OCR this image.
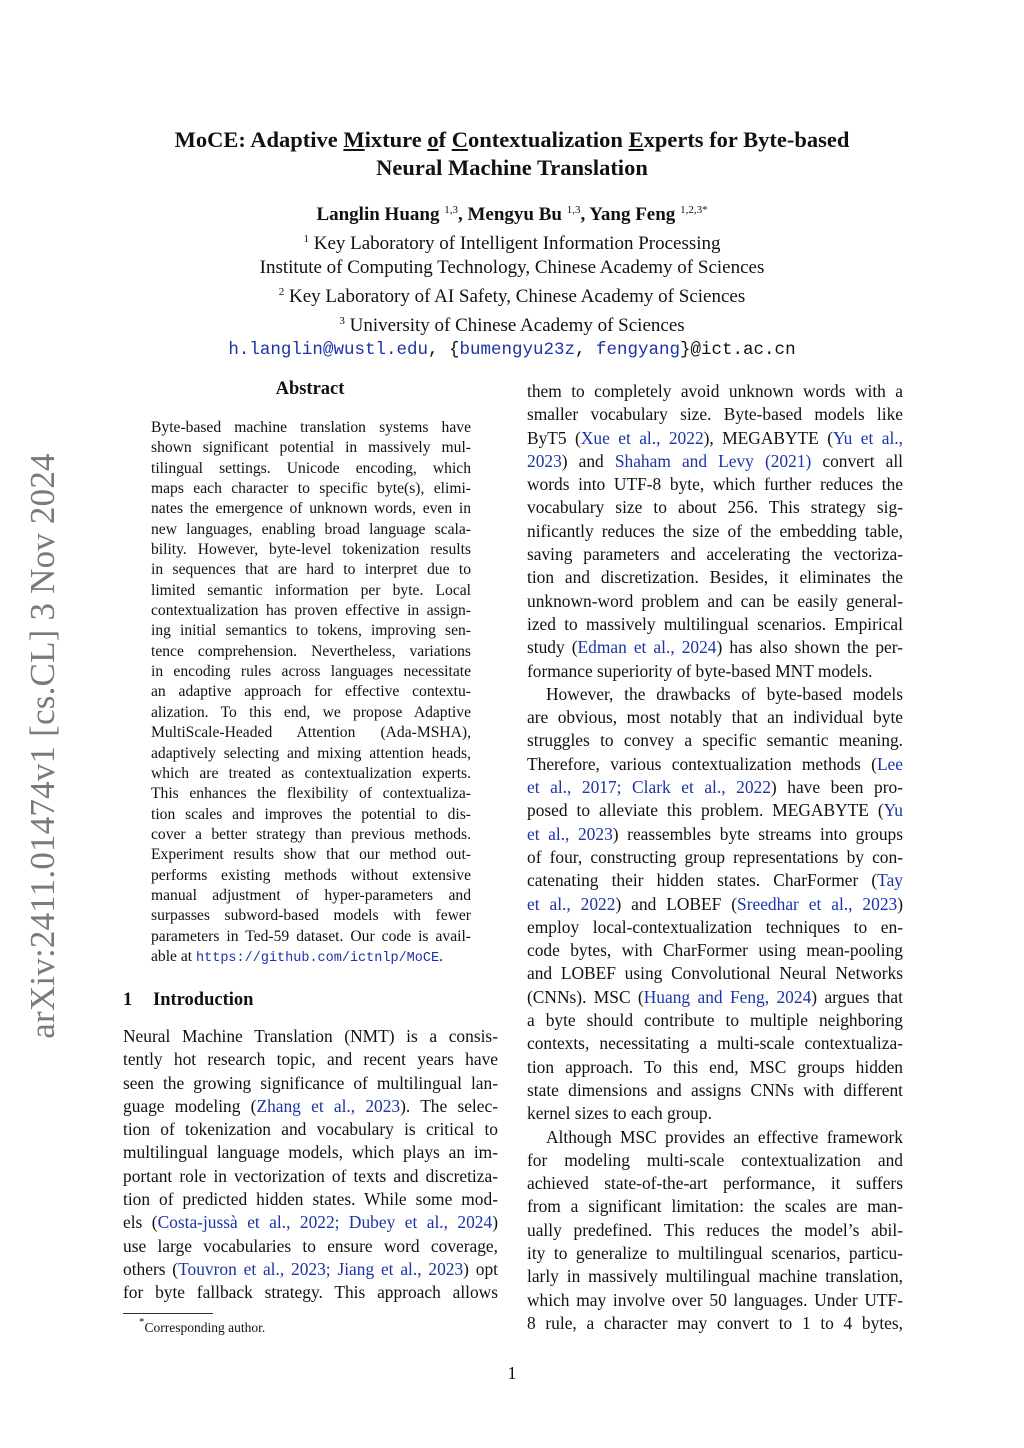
arXiv:2411.01474v1 [cs.CL] 3 Nov 2024
MoCE: Adaptive Mixture of Contextualization Experts for Byte-based
Neural Machine Translation
Langlin Huang $^{1,3}$, Mengyu Bu $^{1,3}$, Yang Feng $^{1,2,3*}$
$^1$ Key Laboratory of Intelligent Information Processing
Institute of Computing Technology, Chinese Academy of Sciences
$^2$ Key Laboratory of AI Safety, Chinese Academy of Sciences
$^3$ University of Chinese Academy of Sciences
h.langlin@wustl.edu, {bumengyu23z, fengyang}@ict.ac.cn
Abstract
Byte-based machine translation systems have
shown significant potential in massively mul-
tilingual settings. Unicode encoding, which
maps each character to specific byte(s), elimi-
nates the emergence of unknown words, even in
new languages, enabling broad language scala-
bility. However, byte-level tokenization results
in sequences that are hard to interpret due to
limited semantic information per byte. Local
contextualization has proven effective in assign-
ing initial semantics to tokens, improving sen-
tence comprehension. Nevertheless, variations
in encoding rules across languages necessitate
an adaptive approach for effective contextu-
alization. To this end, we propose Adaptive
MultiScale-Headed Attention (Ada-MSHA),
adaptively selecting and mixing attention heads,
which are treated as contextualization experts.
This enhances the flexibility of contextualiza-
tion scales and improves the potential to dis-
cover a better strategy than previous methods.
Experiment results show that our method out-
performs existing methods without extensive
manual adjustment of hyper-parameters and
surpasses subword-based models with fewer
parameters in Ted-59 dataset. Our code is avail-
able at https://github.com/ictnlp/MoCE.
1 Introduction
Neural Machine Translation (NMT) is a consis-
tently hot research topic, and recent years have
seen the growing significance of multilingual lan-
guage modeling (Zhang et al., 2023). The selec-
tion of tokenization and vocabulary is critical to
multilingual language models, which plays an im-
portant role in vectorization of texts and discretiza-
tion of predicted hidden states. While some mod-
els (Costa-jussà et al., 2022; Dubey et al., 2024)
use large vocabularies to ensure word coverage,
others (Touvron et al., 2023; Jiang et al., 2023) opt
for byte fallback strategy. This approach allows
them to completely avoid unknown words with a
smaller vocabulary size. Byte-based models like
ByT5 (Xue et al., 2022), MEGABYTE (Yu et al.,
2023) and Shaham and Levy (2021) convert all
words into UTF-8 byte, which further reduces the
vocabulary size to about 256. This strategy sig-
nificantly reduces the size of the embedding table,
saving parameters and accelerating the vectoriza-
tion and discretization. Besides, it eliminates the
unknown-word problem and can be easily general-
ized to massively multilingual scenarios. Empirical
study (Edman et al., 2024) has also shown the per-
formance superiority of byte-based MNT models.
However, the drawbacks of byte-based models
are obvious, most notably that an individual byte
struggles to convey a specific semantic meaning.
Therefore, various contextualization methods (Lee
et al., 2017; Clark et al., 2022) have been pro-
posed to alleviate this problem. MEGABYTE (Yu
et al., 2023) reassembles byte streams into groups
of four, constructing group representations by con-
catenating their hidden states. CharFormer (Tay
et al., 2022) and LOBEF (Sreedhar et al., 2023)
employ local-contextualization techniques to en-
code bytes, with CharFormer using mean-pooling
and LOBEF using Convolutional Neural Networks
(CNNs). MSC (Huang and Feng, 2024) argues that
a byte should contribute to multiple neighboring
contexts, necessitating a multi-scale contextualiza-
tion approach. To this end, MSC groups hidden
state dimensions and assigns CNNs with different
kernel sizes to each group.
Although MSC provides an effective framework
for modeling multi-scale contextualization and
achieved state-of-the-art performance, it suffers
from a significant limitation: the scales are man-
ually predefined. This reduces the model’s abil-
ity to generalize to multilingual scenarios, particu-
larly in massively multilingual machine translation,
which may involve over 50 languages. Under UTF-
8 rule, a character may convert to 1 to 4 bytes,
*Corresponding author.
1
